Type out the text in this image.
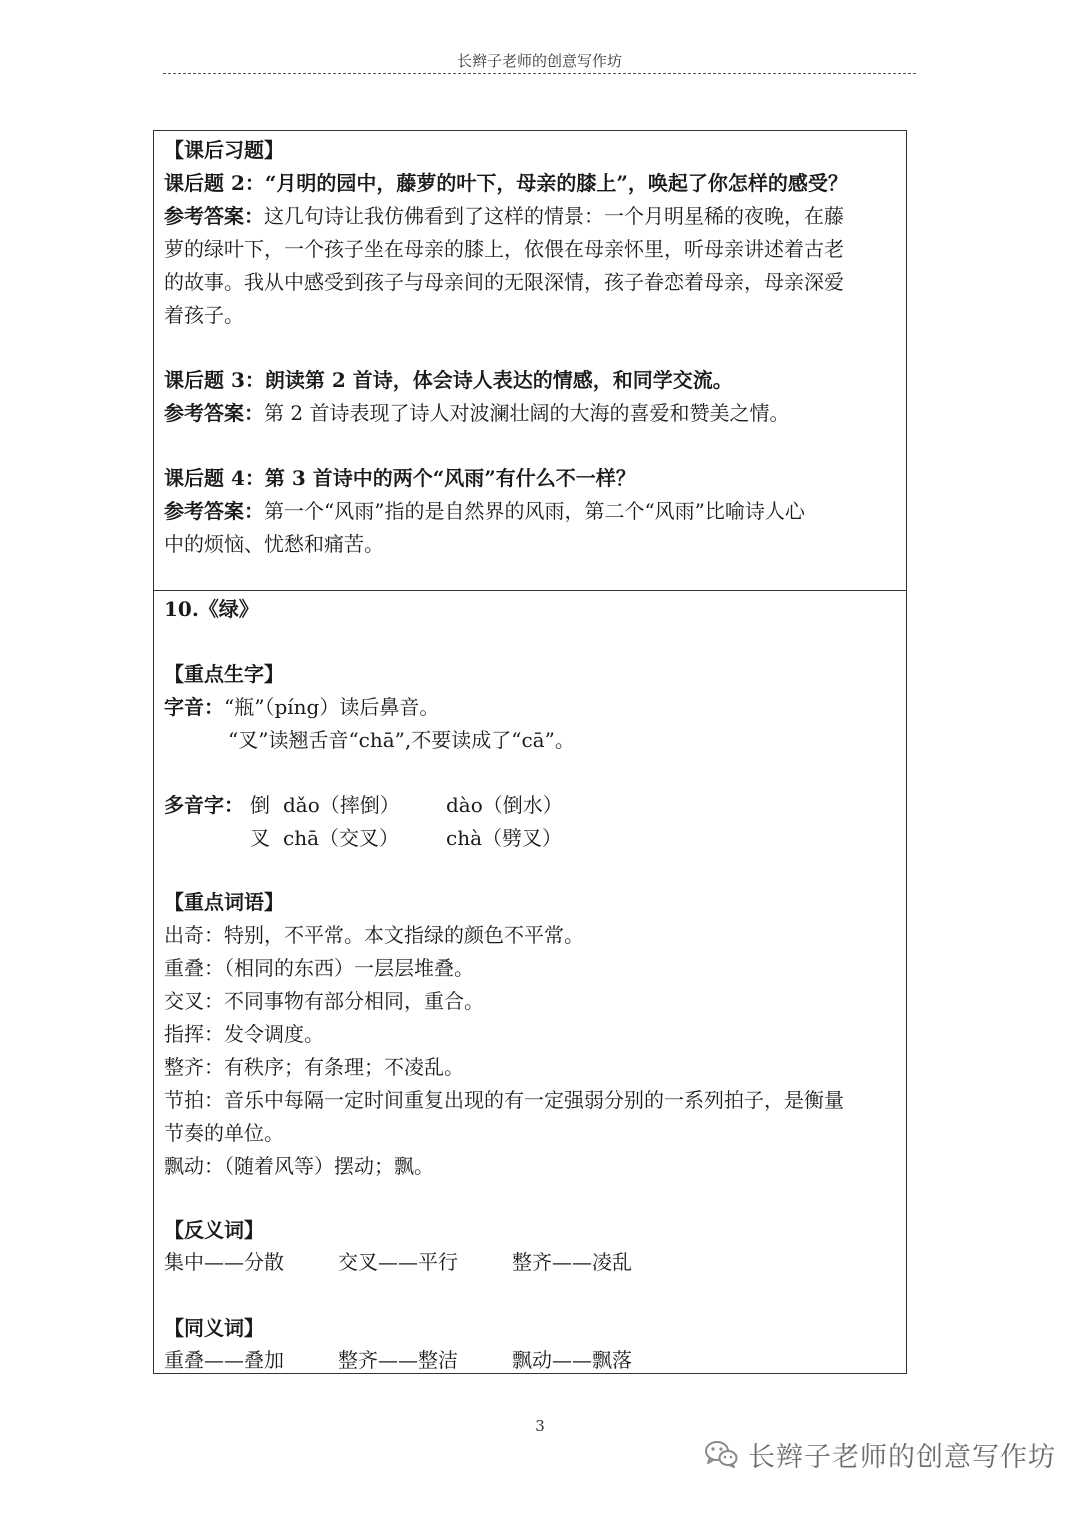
长辫子老师的创意写作坊
【课后习题】
课后题 2：“月明的园中，藤萝的叶下，母亲的膝上”，唤起了你怎样的感受？
参考答案：这几句诗让我仿佛看到了这样的情景：一个月明星稀的夜晚，在藤
萝的绿叶下，一个孩子坐在母亲的膝上，依偎在母亲怀里，听母亲讲述着古老
的故事。我从中感受到孩子与母亲间的无限深情，孩子眷恋着母亲，母亲深爱
着孩子。
课后题 3：朗读第 2 首诗，体会诗人表达的情感，和同学交流。
参考答案：第 2 首诗表现了诗人对波澜壮阔的大海的喜爱和赞美之情。
课后题 4：第 3 首诗中的两个“风雨”有什么不一样？
参考答案：第一个“风雨”指的是自然界的风雨，第二个“风雨”比喻诗人心
中的烦恼、忧愁和痛苦。
10.《绿》
【重点生字】
字音：“瓶”（píng）读后鼻音。
“叉”读翘舌音“chā”,不要读成了“cā”。
多音字： 倒 dǎo（摔倒） dào（倒水）
叉 chā（交叉） chà（劈叉）
【重点词语】
出奇：特别，不平常。本文指绿的颜色不平常。
重叠：（相同的东西）一层层堆叠。
交叉：不同事物有部分相同，重合。
指挥：发令调度。
整齐：有秩序；有条理；不凌乱。
节拍：音乐中每隔一定时间重复出现的有一定强弱分别的一系列拍子，是衡量
节奏的单位。
飘动：（随着风等）摆动；飘。
【反义词】
集中——分散	交叉——平行	整齐——凌乱
【同义词】
重叠——叠加	整齐——整洁	飘动——飘落
3
长辫子老师的创意写作坊
